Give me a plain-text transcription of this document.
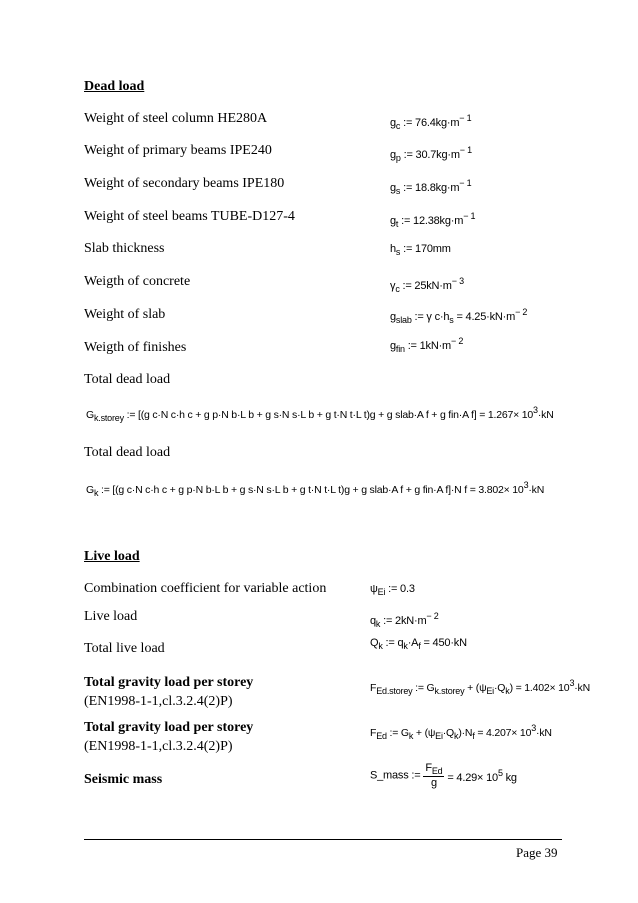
Dead load
Weight of steel column HE280A	$g_c$ := $76.4kg\cdot m^{- 1}$
Weight of primary beams IPE240	$g_p$ := $30.7kg\cdot m^{- 1}$
Weight of secondary beams IPE180	$g_s$ := $18.8kg\cdot m^{- 1}$
Weight of steel beams TUBE-D127-4	$g_t$ := $12.38kg\cdot m^{- 1}$
Slab thickness	$h_s$ := 170mm
Weigth of concrete	$\gamma_c$ := $25kN\cdot m^{- 3}$
Weight of slab	$g_{slab}$ := γ $c\cdot h_s = 4.25\cdot kN\cdot m^{- 2}$
Weigth of finishes	$g_{fin}$ := $1kN\cdot m^{- 2}$
Total dead load
$G_{k.storey}$ := [(g c·N c·h c + g p·N b·L b + g s·N s·L b + g t·N t·L t)g + g slab·A f + g fin·A $f] = 1.267\times 10^3\cdot kN$
Total dead load
$G_k$ := [(g c·N c·h c + g p·N b·L b + g s·N s·L b + g t·N t·L t)g + g slab·A f + g fin·A f]·N $f = 3.802\times 10^3\cdot kN$
Live load
Combination coefficient for variable action	$\psi_{Ei}$ := 0.3
Live load	$q_k$ := $2kN\cdot m^{- 2}$
Total live load	$Q_k$ := $q_k\cdot A_f = 450\cdot kN$
Total gravity load per storey
(EN1998-1-1,cl.3.2.4(2)P)
$F_{Ed.storey}$ := $G_{k.storey} + (\psi_{Ei}\cdot Q_k) = 1.402\times 10^3\cdot kN$
Total gravity load per storey
(EN1998-1-1,cl.3.2.4(2)P)
$F_{Ed}$ := $G_k + (\psi_{Ei}\cdot Q_k)\cdot N_f = 4.207\times 10^3\cdot kN$
Seismic mass	S_mass := $\frac{F_{Ed}}{g} = 4.29\times 10^5$ kg
Page 39
